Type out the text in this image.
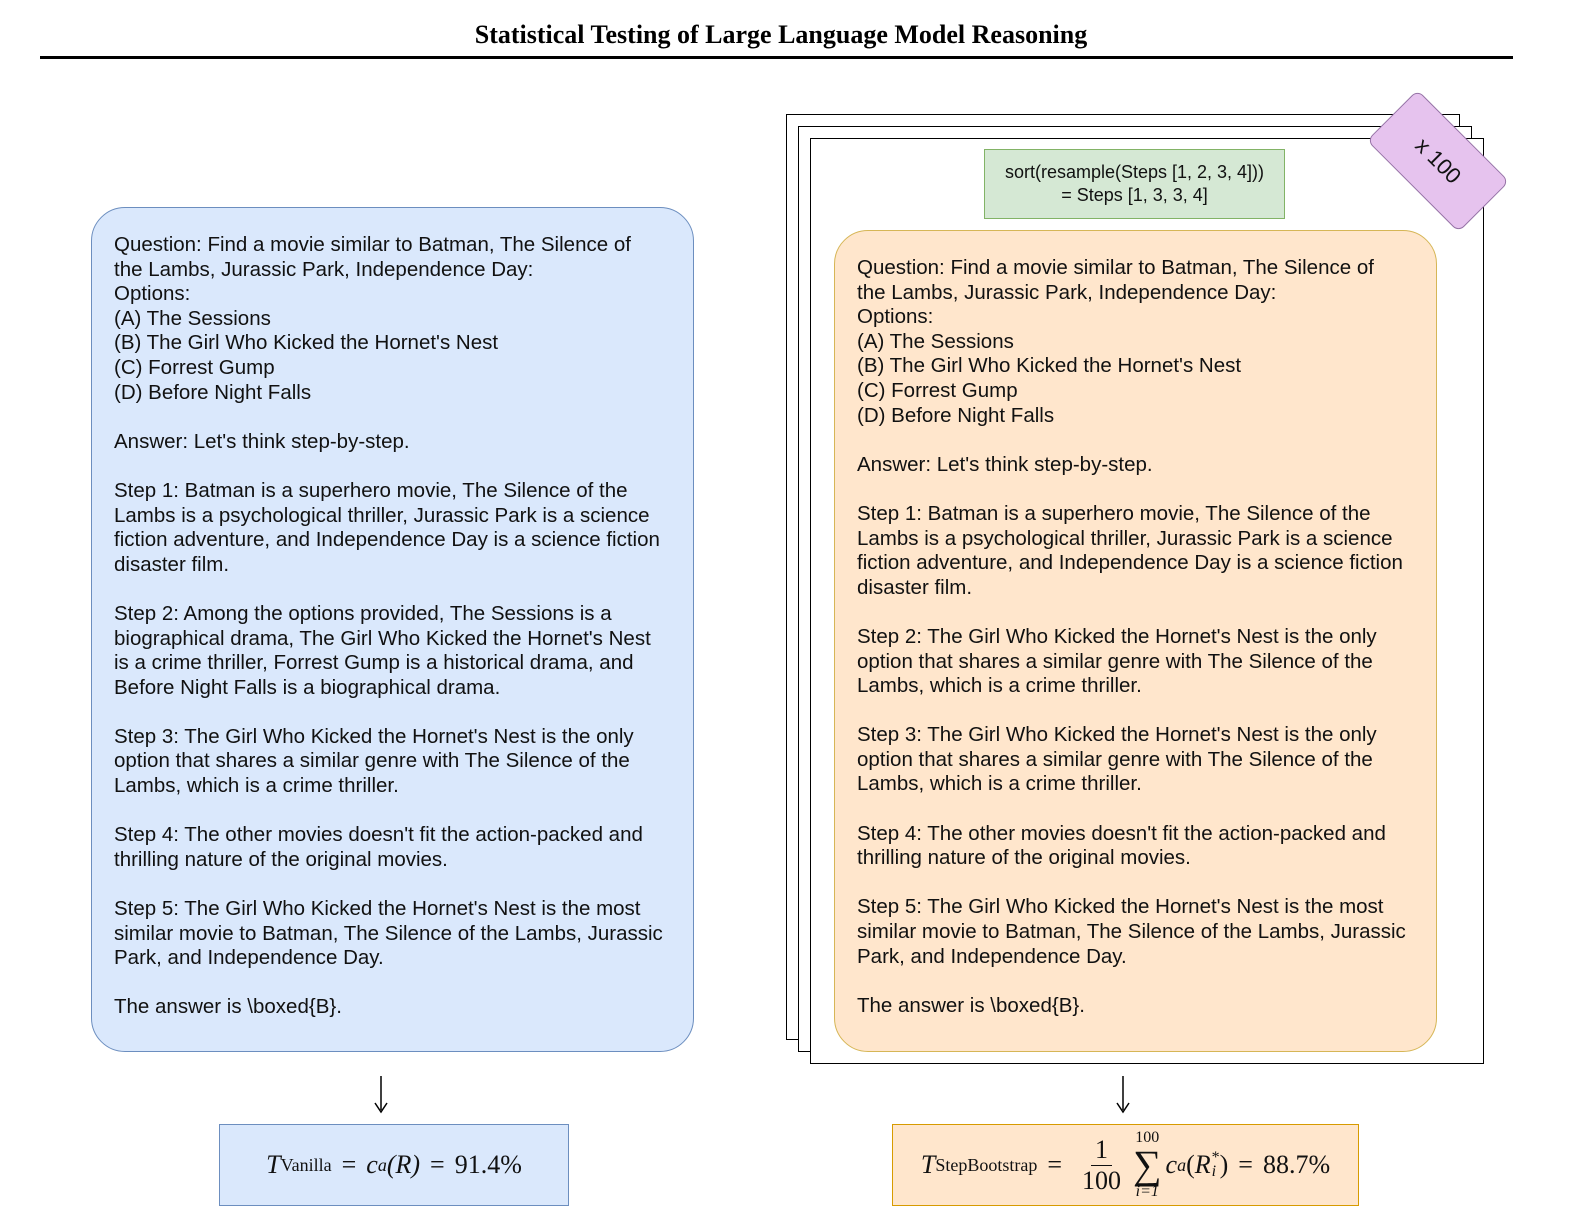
Statistical Testing of Large Language Model Reasoning

Question: Find a movie similar to Batman, The Silence of
the Lambs, Jurassic Park, Independence Day:
Options:
(A) The Sessions
(B) The Girl Who Kicked the Hornet's Nest
(C) Forrest Gump
(D) Before Night Falls

Answer: Let's think step-by-step.

Step 1: Batman is a superhero movie, The Silence of the
Lambs is a psychological thriller, Jurassic Park is a science
fiction adventure, and Independence Day is a science fiction
disaster film.

Step 2: Among the options provided, The Sessions is a
biographical drama, The Girl Who Kicked the Hornet's Nest
is a crime thriller, Forrest Gump is a historical drama, and
Before Night Falls is a biographical drama.

Step 3: The Girl Who Kicked the Hornet's Nest is the only
option that shares a similar genre with The Silence of the
Lambs, which is a crime thriller.

Step 4: The other movies doesn't fit the action-packed and
thrilling nature of the original movies.

Step 5: The Girl Who Kicked the Hornet's Nest is the most
similar movie to Batman, The Silence of the Lambs, Jurassic
Park, and Independence Day.

The answer is \boxed{B}.

sort(resample(Steps [1, 2, 3, 4]))
= Steps [1, 3, 3, 4]
x 100

Question: Find a movie similar to Batman, The Silence of
the Lambs, Jurassic Park, Independence Day:
Options:
(A) The Sessions
(B) The Girl Who Kicked the Hornet's Nest
(C) Forrest Gump
(D) Before Night Falls

Answer: Let's think step-by-step.

Step 1: Batman is a superhero movie, The Silence of the
Lambs is a psychological thriller, Jurassic Park is a science
fiction adventure, and Independence Day is a science fiction
disaster film.

Step 2: The Girl Who Kicked the Hornet's Nest is the only
option that shares a similar genre with The Silence of the
Lambs, which is a crime thriller.

Step 3: The Girl Who Kicked the Hornet's Nest is the only
option that shares a similar genre with The Silence of the
Lambs, which is a crime thriller.

Step 4: The other movies doesn't fit the action-packed and
thrilling nature of the original movies.

Step 5: The Girl Who Kicked the Hornet's Nest is the most
similar movie to Batman, The Silence of the Lambs, Jurassic
Park, and Independence Day.

The answer is \boxed{B}.

T Vanilla = c a (R) = 91.4%	T StepBootstrap = $\frac{1}{100} 100$
∑
i=1
c a ( R *
i ) = 88.7%
